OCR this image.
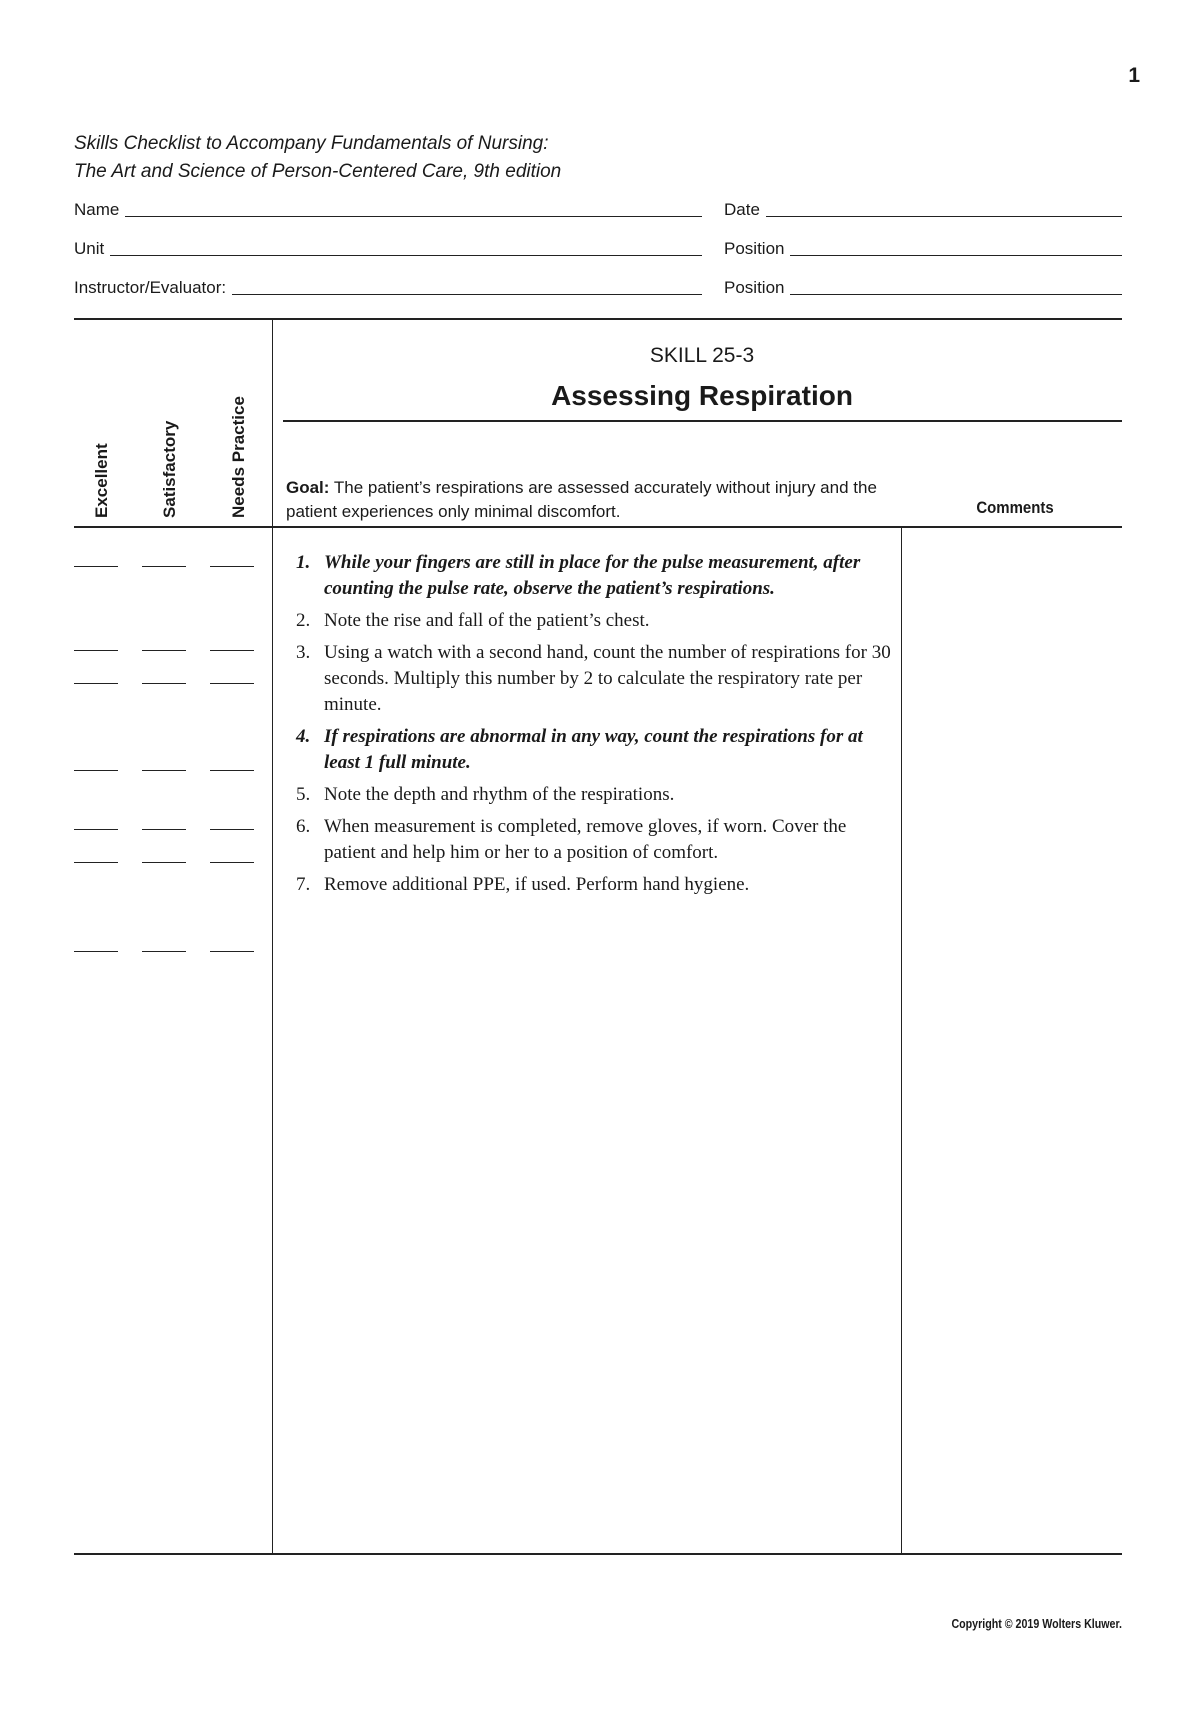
1
Skills Checklist to Accompany Fundamentals of Nursing:
The Art and Science of Person-Centered Care, 9th edition
Name	Date
Unit	Position
Instructor/Evaluator:	Position
Excellent	Satisfactory	Needs Practice
SKILL 25-3
Assessing Respiration
Goal: The patient’s respirations are assessed accurately without injury and the patient experiences only minimal discomfort.	Comments
1. While your fingers are still in place for the pulse measurement, after counting the pulse rate, observe the patient’s respirations.
2. Note the rise and fall of the patient’s chest.
3. Using a watch with a second hand, count the number of respirations for 30 seconds. Multiply this number by 2 to calculate the respiratory rate per minute.
4. If respirations are abnormal in any way, count the respirations for at least 1 full minute.
5. Note the depth and rhythm of the respirations.
6. When measurement is completed, remove gloves, if worn. Cover the patient and help him or her to a position of comfort.
7. Remove additional PPE, if used. Perform hand hygiene.
Copyright © 2019 Wolters Kluwer.
